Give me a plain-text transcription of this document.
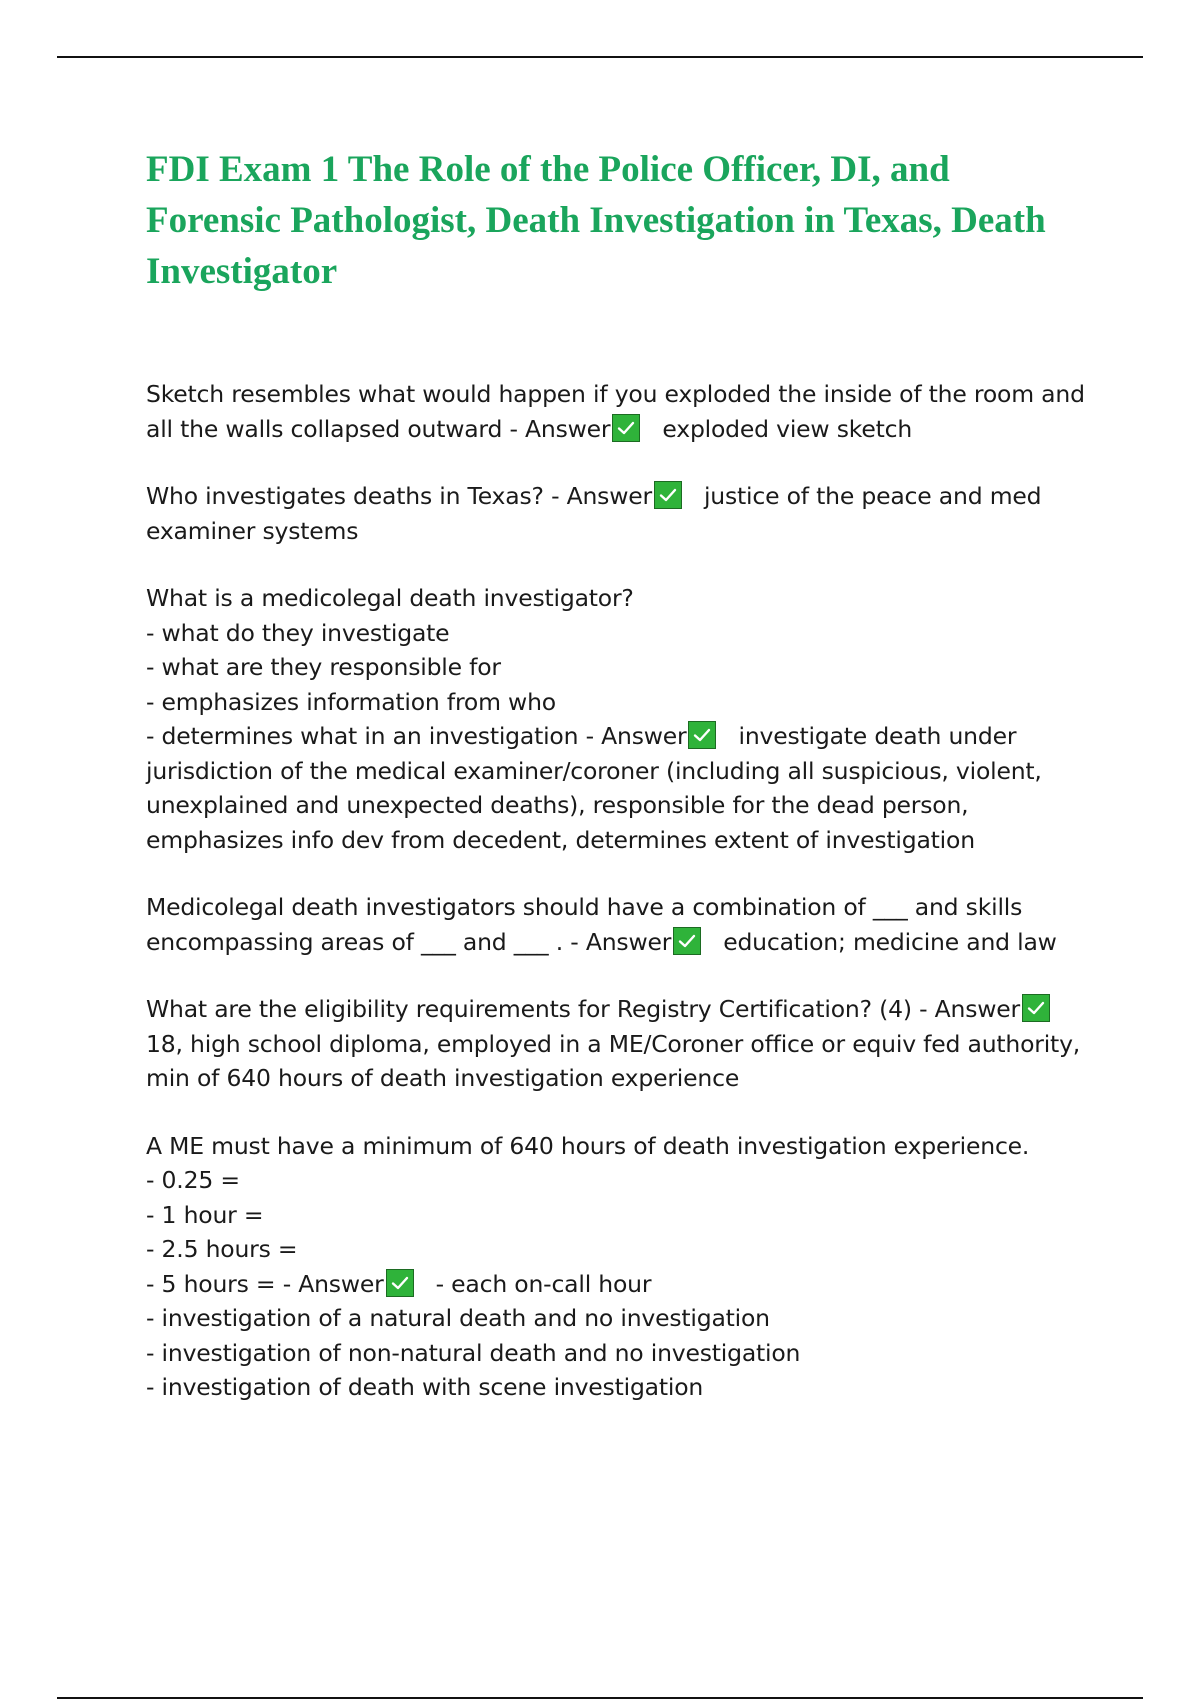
FDI Exam 1 The Role of the Police Officer, DI, and Forensic Pathologist, Death Investigation in Texas, Death Investigator
Sketch resembles what would happen if you exploded the inside of the room and
all the walls collapsed outward - Answer exploded view sketch
Who investigates deaths in Texas? - Answer justice of the peace and med
examiner systems
What is a medicolegal death investigator?
- what do they investigate
- what are they responsible for
- emphasizes information from who
- determines what in an investigation - Answer investigate death under
jurisdiction of the medical examiner/coroner (including all suspicious, violent,
unexplained and unexpected deaths), responsible for the dead person,
emphasizes info dev from decedent, determines extent of investigation
Medicolegal death investigators should have a combination of ___ and skills
encompassing areas of ___ and ___ . - Answer education; medicine and law
What are the eligibility requirements for Registry Certification? (4) - Answer
18, high school diploma, employed in a ME/Coroner office or equiv fed authority,
min of 640 hours of death investigation experience
A ME must have a minimum of 640 hours of death investigation experience.
- 0.25 =
- 1 hour =
- 2.5 hours =
- 5 hours = - Answer - each on-call hour
- investigation of a natural death and no investigation
- investigation of non-natural death and no investigation
- investigation of death with scene investigation
